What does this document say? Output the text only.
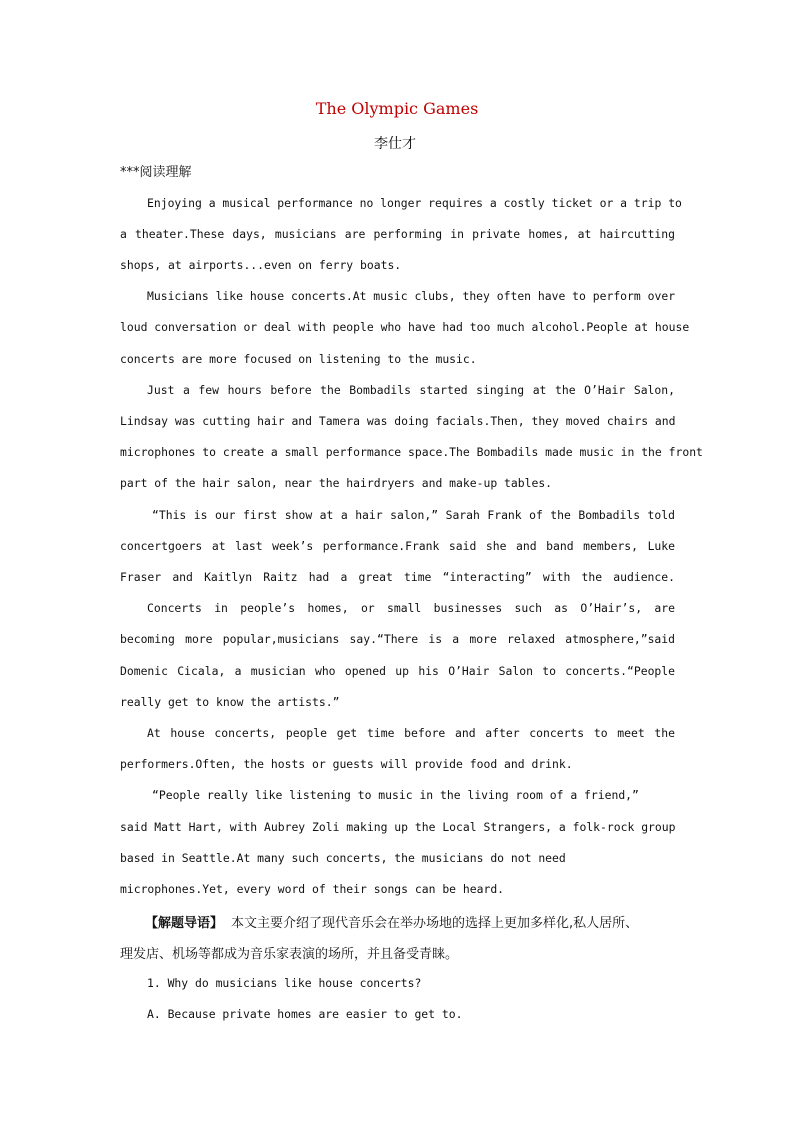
The Olympic Games
李仕才
***阅读理解
Enjoying a musical performance no longer requires a costly ticket or a trip to
a theater.These days, musicians are performing in private homes, at haircutting
shops, at airports...even on ferry boats.
Musicians like house concerts.At music clubs, they often have to perform over
loud conversation or deal with people who have had too much alcohol.People at house
concerts are more focused on listening to the music.
Just a few hours before the Bombadils started singing at the O’Hair Salon,
Lindsay was cutting hair and Tamera was doing facials.Then, they moved chairs and
microphones to create a small performance space.The Bombadils made music in the front
part of the hair salon, near the hairdryers and make-up tables.
“This is our first show at a hair salon,” Sarah Frank of the Bombadils told
concertgoers at last week’s performance.Frank said she and band members, Luke
Fraser and Kaitlyn Raitz had a great time “interacting” with the audience.
Concerts in people’s homes, or small businesses such as O’Hair’s, are
becoming more popular,musicians say.“There is a more relaxed atmosphere,”said
Domenic Cicala, a musician who opened up his O’Hair Salon to concerts.“People
really get to know the artists.”
At house concerts, people get time before and after concerts to meet the
performers.Often, the hosts or guests will provide food and drink.
“People really like listening to music in the living room of a friend,”
said Matt Hart, with Aubrey Zoli making up the Local Strangers, a folk-rock group
based in Seattle.At many such concerts, the musicians do not need
microphones.Yet, every word of their songs can be heard.
【解题导语】 本文主要介绍了现代音乐会在举办场地的选择上更加多样化,私人居所、
理发店、机场等都成为音乐家表演的场所，并且备受青睐。
1. Why do musicians like house concerts?
A. Because private homes are easier to get to.
